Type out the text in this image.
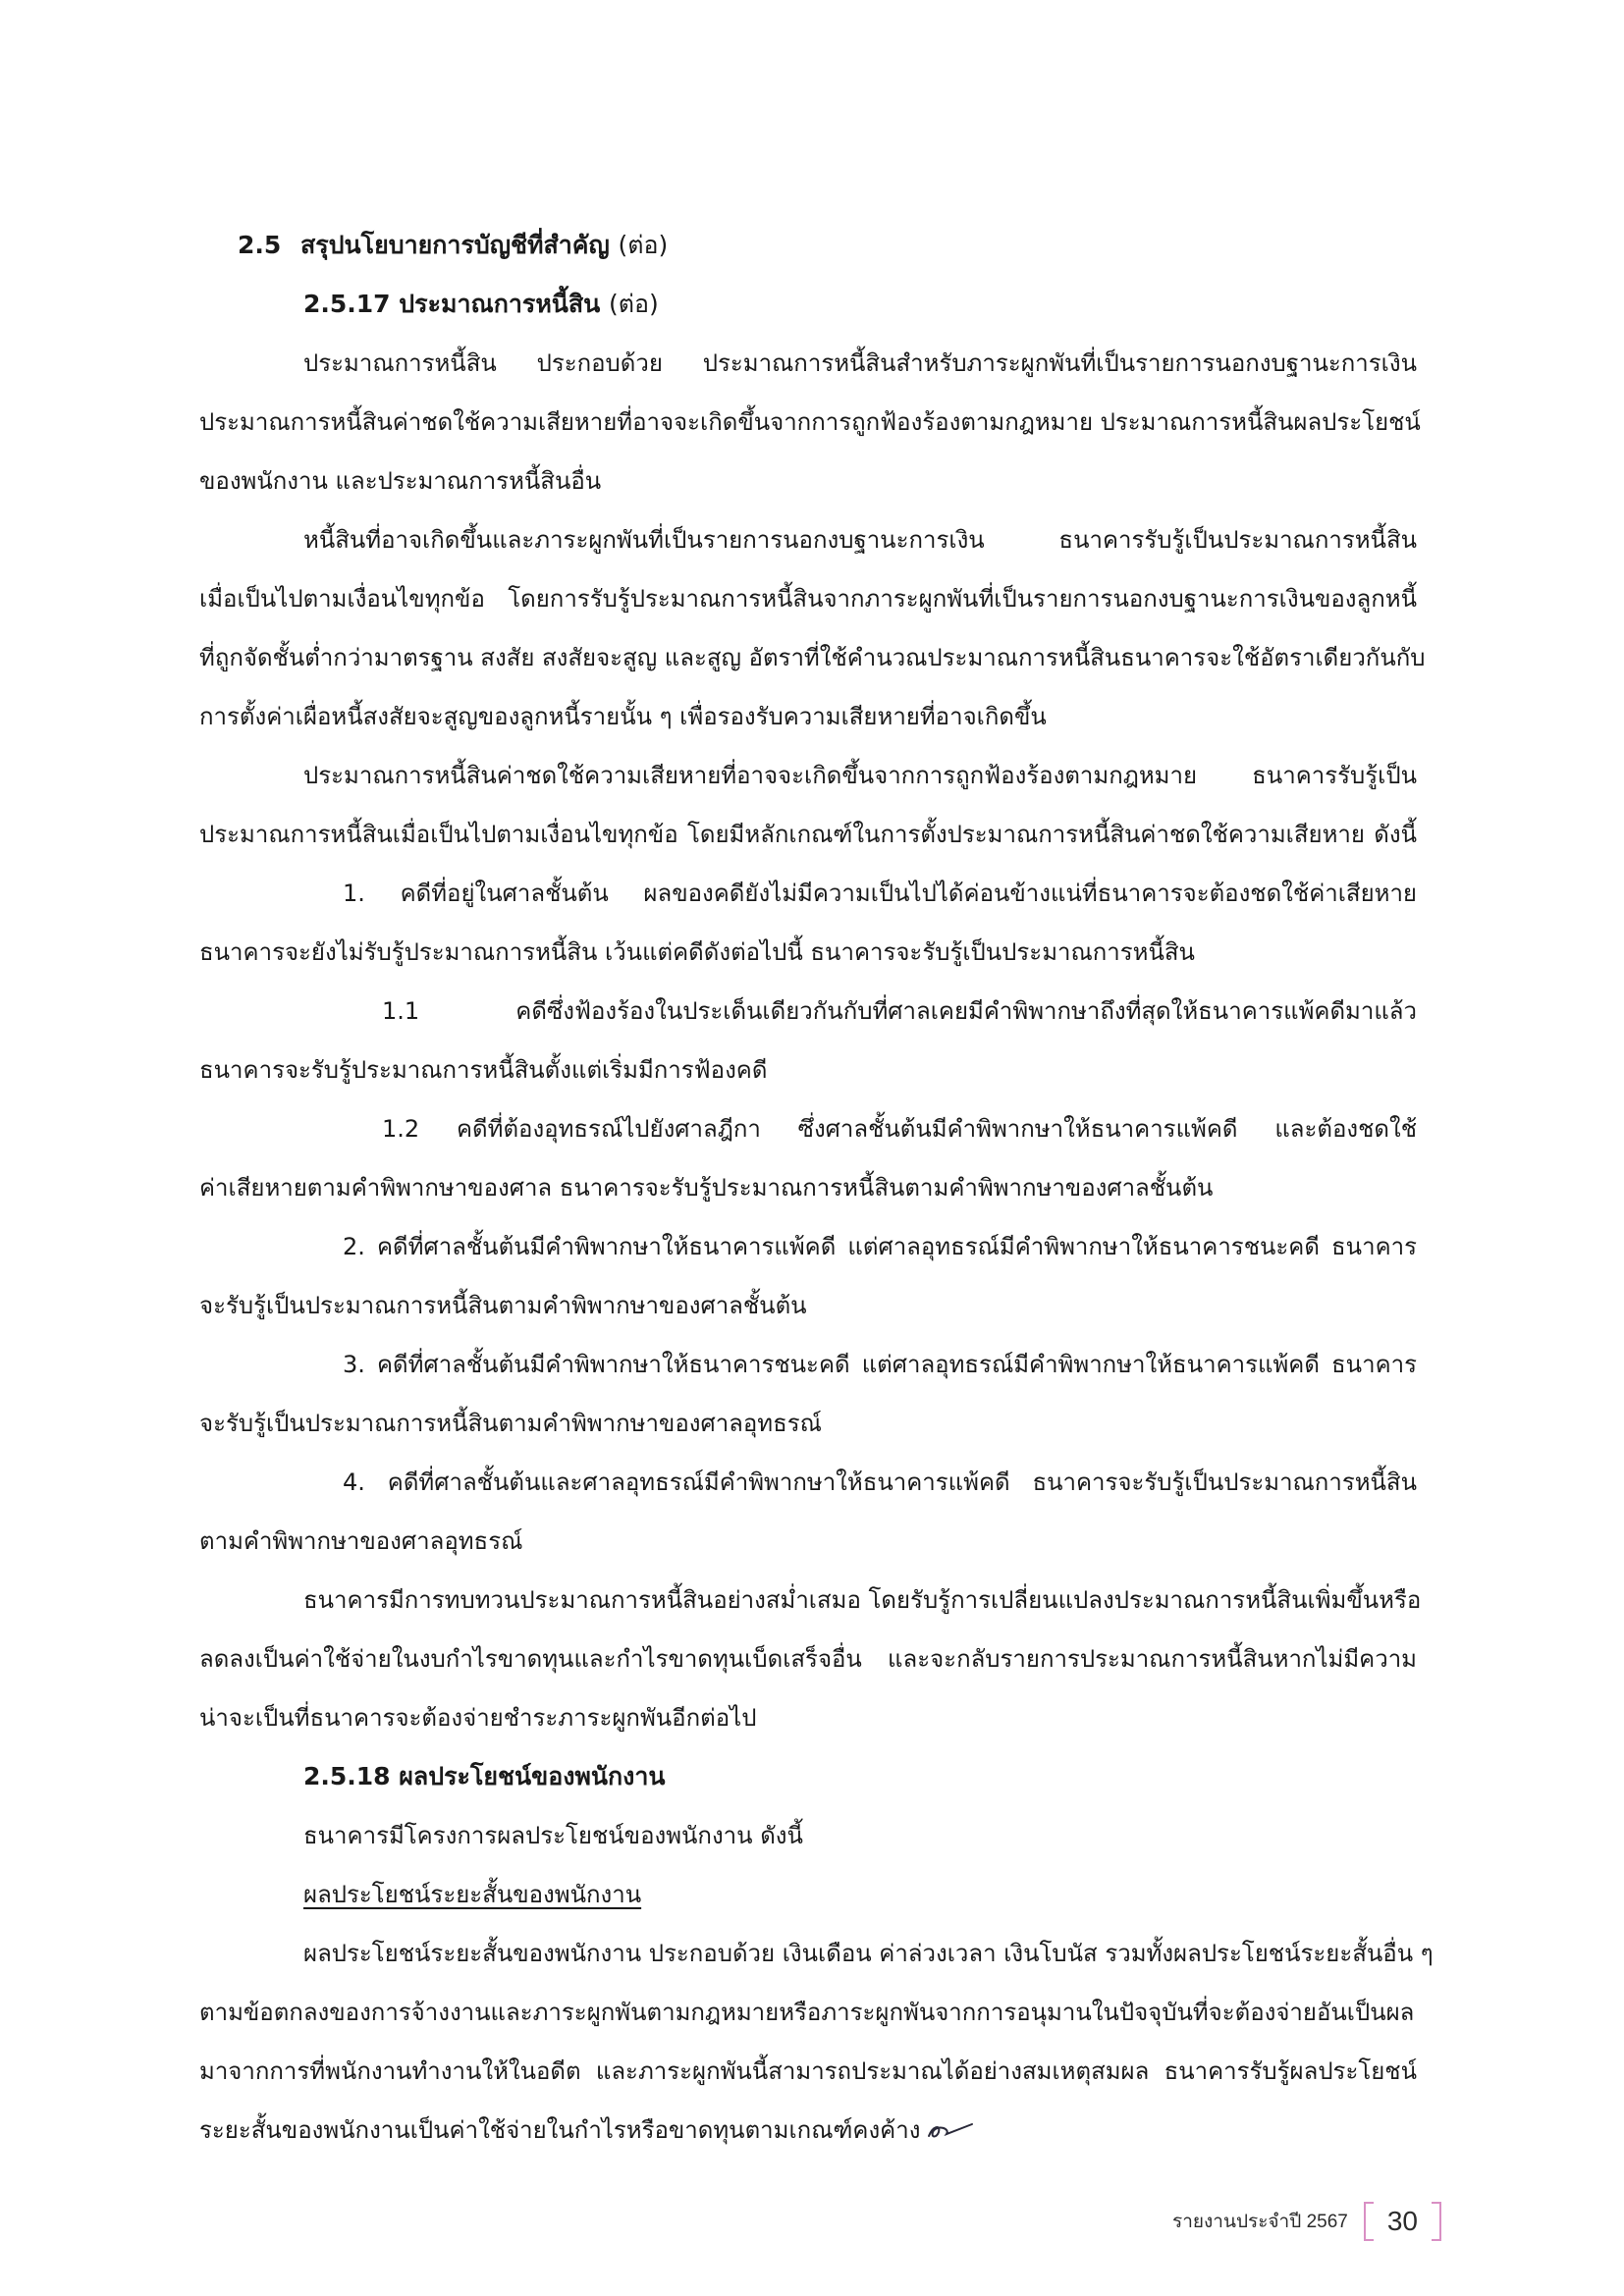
2.5 สรุปนโยบายการบัญชีที่สำคัญ (ต่อ)
2.5.17 ประมาณการหนี้สิน (ต่อ)
ประมาณการหนี้สิน ประกอบด้วย ประมาณการหนี้สินสำหรับภาระผูกพันที่เป็นรายการนอกงบฐานะการเงิน
ประมาณการหนี้สินค่าชดใช้ความเสียหายที่อาจจะเกิดขึ้นจากการถูกฟ้องร้องตามกฎหมาย ประมาณการหนี้สินผลประโยชน์
ของพนักงาน และประมาณการหนี้สินอื่น
หนี้สินที่อาจเกิดขึ้นและภาระผูกพันที่เป็นรายการนอกงบฐานะการเงิน ธนาคารรับรู้เป็นประมาณการหนี้สิน
เมื่อเป็นไปตามเงื่อนไขทุกข้อ โดยการรับรู้ประมาณการหนี้สินจากภาระผูกพันที่เป็นรายการนอกงบฐานะการเงินของลูกหนี้
ที่ถูกจัดชั้นต่ำกว่ามาตรฐาน สงสัย สงสัยจะสูญ และสูญ อัตราที่ใช้คำนวณประมาณการหนี้สินธนาคารจะใช้อัตราเดียวกันกับ
การตั้งค่าเผื่อหนี้สงสัยจะสูญของลูกหนี้รายนั้น ๆ เพื่อรองรับความเสียหายที่อาจเกิดขึ้น
ประมาณการหนี้สินค่าชดใช้ความเสียหายที่อาจจะเกิดขึ้นจากการถูกฟ้องร้องตามกฎหมาย ธนาคารรับรู้เป็น
ประมาณการหนี้สินเมื่อเป็นไปตามเงื่อนไขทุกข้อ โดยมีหลักเกณฑ์ในการตั้งประมาณการหนี้สินค่าชดใช้ความเสียหาย ดังนี้
1. คดีที่อยู่ในศาลชั้นต้น ผลของคดียังไม่มีความเป็นไปได้ค่อนข้างแน่ที่ธนาคารจะต้องชดใช้ค่าเสียหาย
ธนาคารจะยังไม่รับรู้ประมาณการหนี้สิน เว้นแต่คดีดังต่อไปนี้ ธนาคารจะรับรู้เป็นประมาณการหนี้สิน
1.1 คดีซึ่งฟ้องร้องในประเด็นเดียวกันกับที่ศาลเคยมีคำพิพากษาถึงที่สุดให้ธนาคารแพ้คดีมาแล้ว
ธนาคารจะรับรู้ประมาณการหนี้สินตั้งแต่เริ่มมีการฟ้องคดี
1.2 คดีที่ต้องอุทธรณ์ไปยังศาลฎีกา ซึ่งศาลชั้นต้นมีคำพิพากษาให้ธนาคารแพ้คดี และต้องชดใช้
ค่าเสียหายตามคำพิพากษาของศาล ธนาคารจะรับรู้ประมาณการหนี้สินตามคำพิพากษาของศาลชั้นต้น
2. คดีที่ศาลชั้นต้นมีคำพิพากษาให้ธนาคารแพ้คดี แต่ศาลอุทธรณ์มีคำพิพากษาให้ธนาคารชนะคดี ธนาคาร
จะรับรู้เป็นประมาณการหนี้สินตามคำพิพากษาของศาลชั้นต้น
3. คดีที่ศาลชั้นต้นมีคำพิพากษาให้ธนาคารชนะคดี แต่ศาลอุทธรณ์มีคำพิพากษาให้ธนาคารแพ้คดี ธนาคาร
จะรับรู้เป็นประมาณการหนี้สินตามคำพิพากษาของศาลอุทธรณ์
4. คดีที่ศาลชั้นต้นและศาลอุทธรณ์มีคำพิพากษาให้ธนาคารแพ้คดี ธนาคารจะรับรู้เป็นประมาณการหนี้สิน
ตามคำพิพากษาของศาลอุทธรณ์
ธนาคารมีการทบทวนประมาณการหนี้สินอย่างสม่ำเสมอ โดยรับรู้การเปลี่ยนแปลงประมาณการหนี้สินเพิ่มขึ้นหรือ
ลดลงเป็นค่าใช้จ่ายในงบกำไรขาดทุนและกำไรขาดทุนเบ็ดเสร็จอื่น และจะกลับรายการประมาณการหนี้สินหากไม่มีความ
น่าจะเป็นที่ธนาคารจะต้องจ่ายชำระภาระผูกพันอีกต่อไป
2.5.18 ผลประโยชน์ของพนักงาน
ธนาคารมีโครงการผลประโยชน์ของพนักงาน ดังนี้
ผลประโยชน์ระยะสั้นของพนักงาน
ผลประโยชน์ระยะสั้นของพนักงาน ประกอบด้วย เงินเดือน ค่าล่วงเวลา เงินโบนัส รวมทั้งผลประโยชน์ระยะสั้นอื่น ๆ
ตามข้อตกลงของการจ้างงานและภาระผูกพันตามกฎหมายหรือภาระผูกพันจากการอนุมานในปัจจุบันที่จะต้องจ่ายอันเป็นผล
มาจากการที่พนักงานทำงานให้ในอดีต และภาระผูกพันนี้สามารถประมาณได้อย่างสมเหตุสมผล ธนาคารรับรู้ผลประโยชน์
ระยะสั้นของพนักงานเป็นค่าใช้จ่ายในกำไรหรือขาดทุนตามเกณฑ์คงค้าง
รายงานประจำปี 2567	30
